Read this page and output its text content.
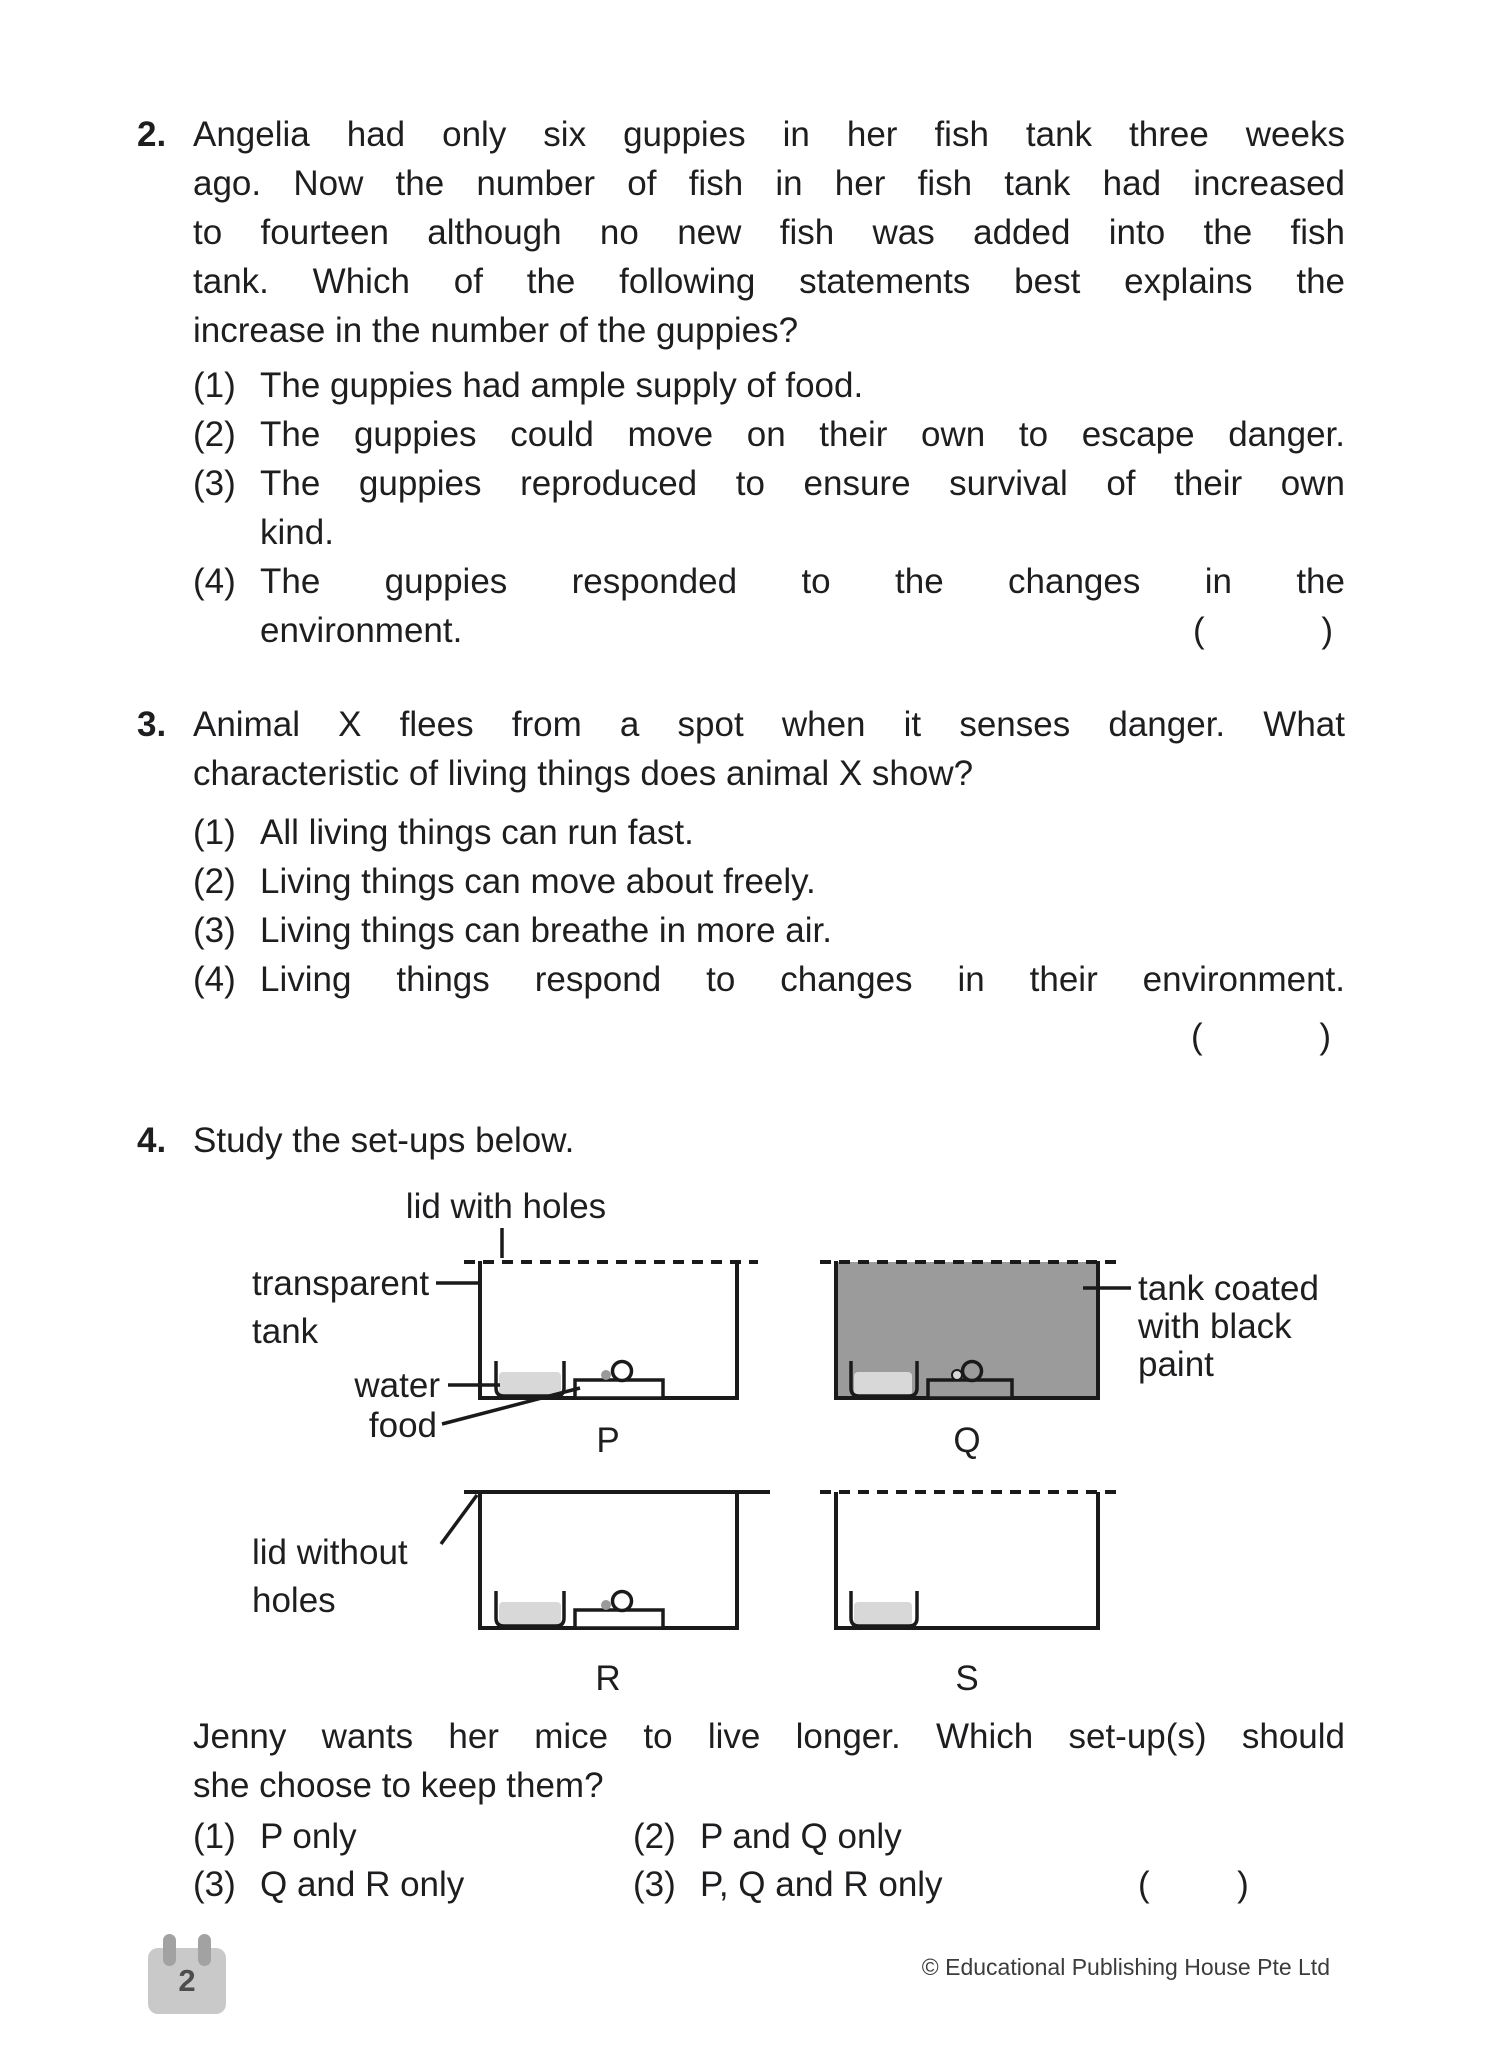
2. Angelia had only six guppies in her fish tank three weeks
ago. Now the number of fish in her fish tank had increased
to fourteen although no new fish was added into the fish
tank. Which of the following statements best explains the
increase in the number of the guppies?
(1) The guppies had ample supply of food.
(2) The guppies could move on their own to escape danger.
(3) The guppies reproduced to ensure survival of their own
kind.
(4) The guppies responded to the changes in the
environment.	(            )
3. Animal X flees from a spot when it senses danger. What
characteristic of living things does animal X show?
(1) All living things can run fast.
(2) Living things can move about freely.
(3) Living things can breathe in more air.
(4) Living things respond to changes in their environment.
(            )
4. Study the set-ups below.
lid with holes
P
transparent
tank
water
food	Q
tank coated
with black
paint
R
lid without
holes
S
Jenny wants her mice to live longer. Which set-up(s) should
she choose to keep them?
(1) P only	(2) P and Q only
(3) Q and R only	(3) P, Q and R only	(         )
2	© Educational Publishing House Pte Ltd
